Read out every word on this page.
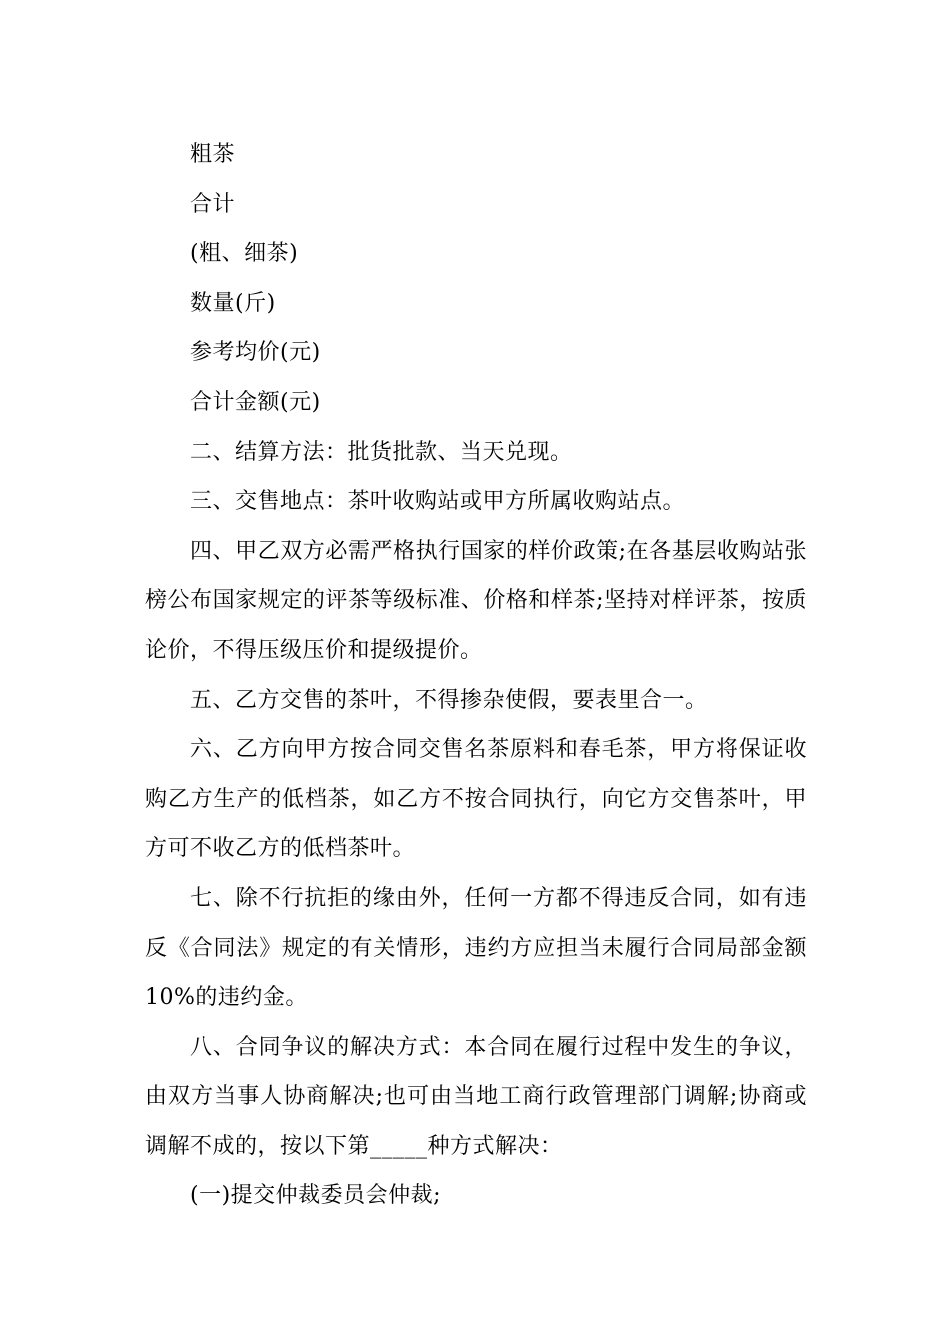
粗茶
合计
(粗、细茶)
数量(斤)
参考均价(元)
合计金额(元)
二、结算方法：批货批款、当天兑现。
三、交售地点：茶叶收购站或甲方所属收购站点。

四、甲乙双方必需严格执行国家的样价政策;在各基层收购站张榜公布国家规定的评茶等级标准、价格和样茶;坚持对样评茶，按质论价，不得压级压价和提级提价。

五、乙方交售的茶叶，不得掺杂使假，要表里合一。

六、乙方向甲方按合同交售名茶原料和春毛茶，甲方将保证收购乙方生产的低档茶，如乙方不按合同执行，向它方交售茶叶，甲方可不收乙方的低档茶叶。

七、除不行抗拒的缘由外，任何一方都不得违反合同，如有违反《合同法》规定的有关情形，违约方应担当未履行合同局部金额10%的违约金。

八、合同争议的解决方式：本合同在履行过程中发生的争议，由双方当事人协商解决;也可由当地工商行政管理部门调解;协商或调解不成的，按以下第_____种方式解决：

(一)提交仲裁委员会仲裁;
